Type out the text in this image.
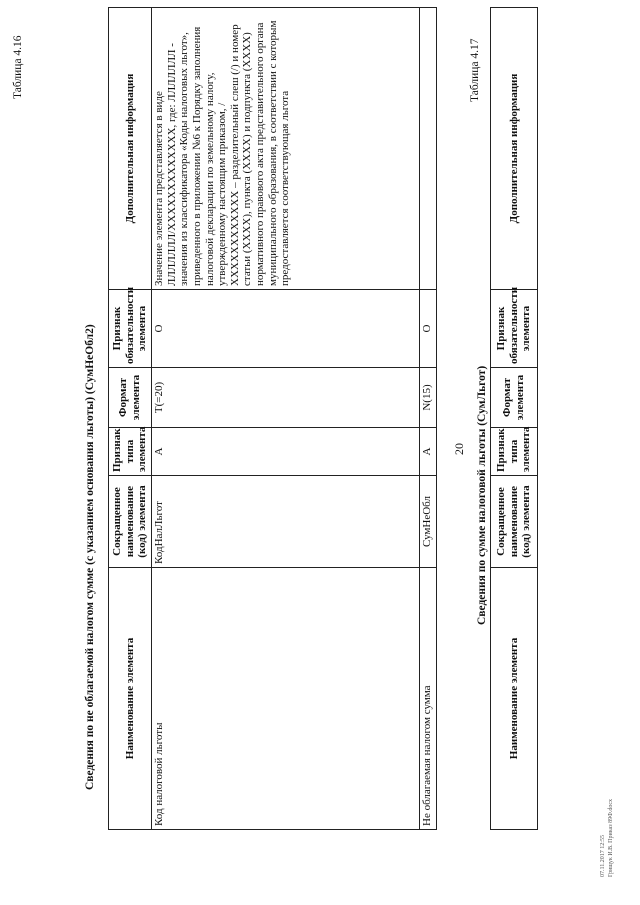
20
Таблица 4.16
Сведения по не облагаемой налогом сумме (с указанием основания льготы) (СумНеОбл2)	Наименование элемента	Сокращенное наименование (код) элемента	Признак типа элемента	Формат элемента	Признак обязательности элемента	Дополнительная информация
Код налоговой льготы	КодНалЛьгот	А	T(=20)	О	Значение элемента представляется в виде ЛЛЛЛЛЛЛ/XXXXXXXXXXXXX, где: ЛЛЛЛЛЛЛ - значения из классификатора «Коды налоговых льгот», приведенного в приложении №6 к Порядку заполнения налоговой декларации по земельному налогу, утвержденному настоящим приказом, / XXXXXXXXXXXX – разделительный слеш (/) и номер статьи (XXXX), пункта (XXXX) и подпункта (XXXX) нормативного правового акта представительного органа муниципального образования, в соответствии с которым предоставляется соответствующая льгота
Не облагаемая налогом сумма	СумНеОбл	А	N(15)	О	
Таблица 4.17
Сведения по сумме налоговой льготы (СумЛьгот)
Наименование элемента	Сокращенное наименование (код) элемента	Признак типа элемента	Формат элемента	Признак обязательности элемента	Дополнительная информация
07.11.2017 12:55 Грищук И.В. Приказ 89Ф.docx
